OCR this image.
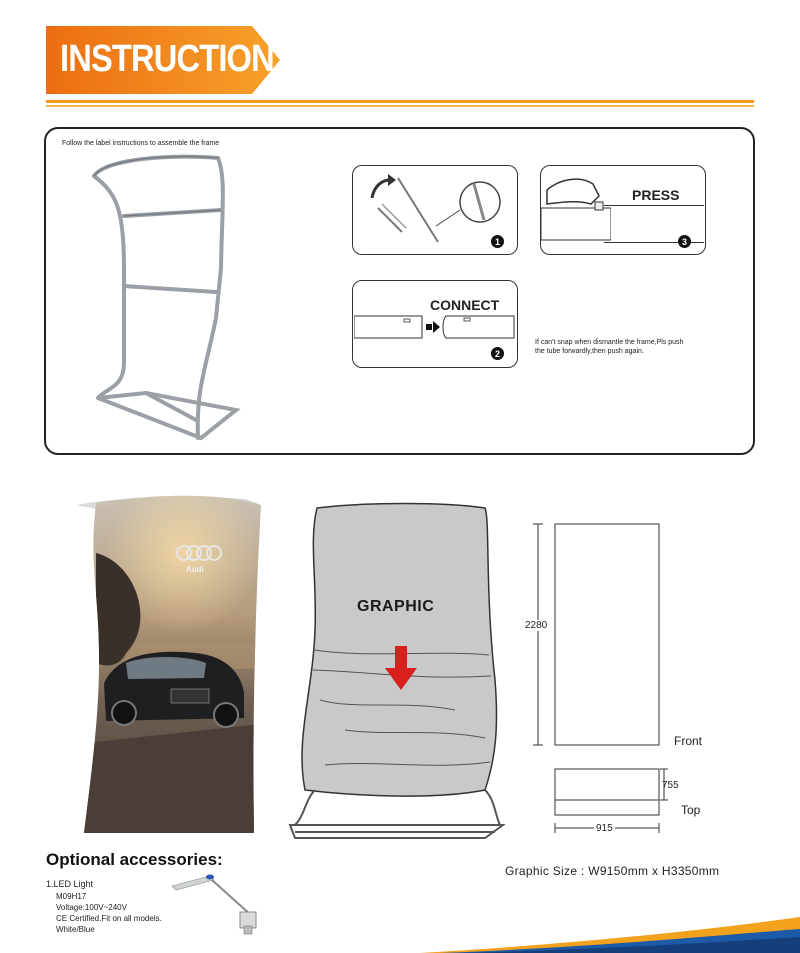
INSTRUCTION
Follow the label instructions to assemble the frame
1
PRESS
3
CONNECT
2
If can't snap when dismantle the frame,Pls push
the tube forwardly,then push again.
Audi
GRAPHIC
2280
755
915
Front
Top
Optional accessories:
1.LED Light
M09H17
Voltage:100V~240V
CE Certified.Fit on all models.
White/Blue
Graphic Size : W9150mm x H3350mm
